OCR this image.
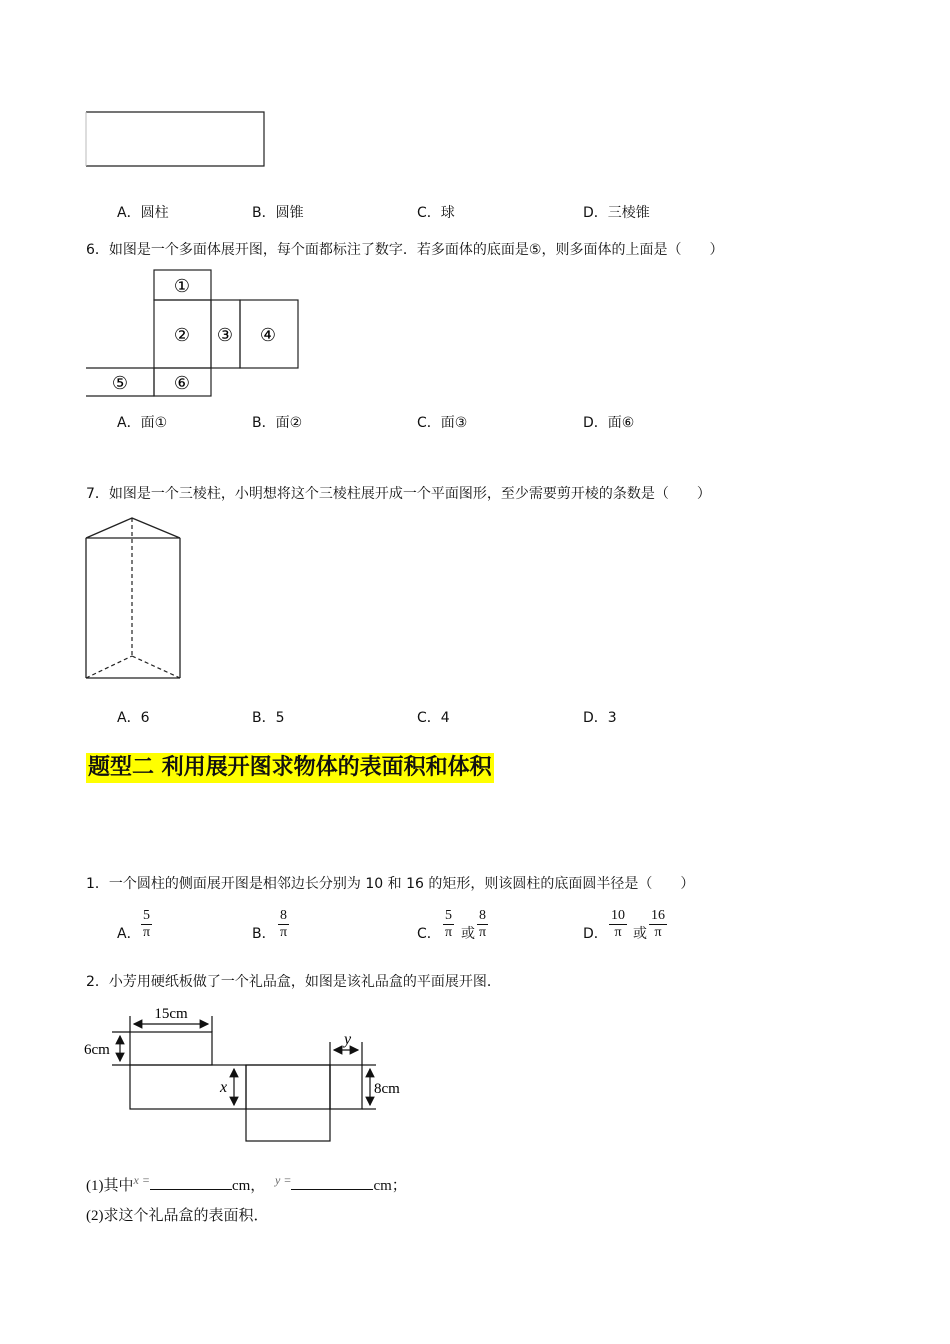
A．圆柱	B．圆锥	C．球	D．三棱锥
6．如图是一个多面体展开图，每个面都标注了数字．若多面体的底面是⑤，则多面体的上面是（　　）
①
② ③ ④
⑤	⑥
A．面①	B．面②	C．面③	D．面⑥
7．如图是一个三棱柱，小明想将这个三棱柱展开成一个平面图形，至少需要剪开棱的条数是（　　）
A．6	B．5	C．4	D．3
题型二 利用展开图求物体的表面积和体积
1．一个圆柱的侧面展开图是相邻边长分别为 10 和 16 的矩形，则该圆柱的底面圆半径是（　　）
A．
5
π	B．
8
π	C．
5
π 或
8
π	D．
10
π 或
16
π
2．小芳用硬纸板做了一个礼品盒，如图是该礼品盒的平面展开图．
15cm
6cm
x
y
8cm
(1)其中$^{x =}$	cm， $^{y =}$	cm；
(2)求这个礼品盒的表面积．
